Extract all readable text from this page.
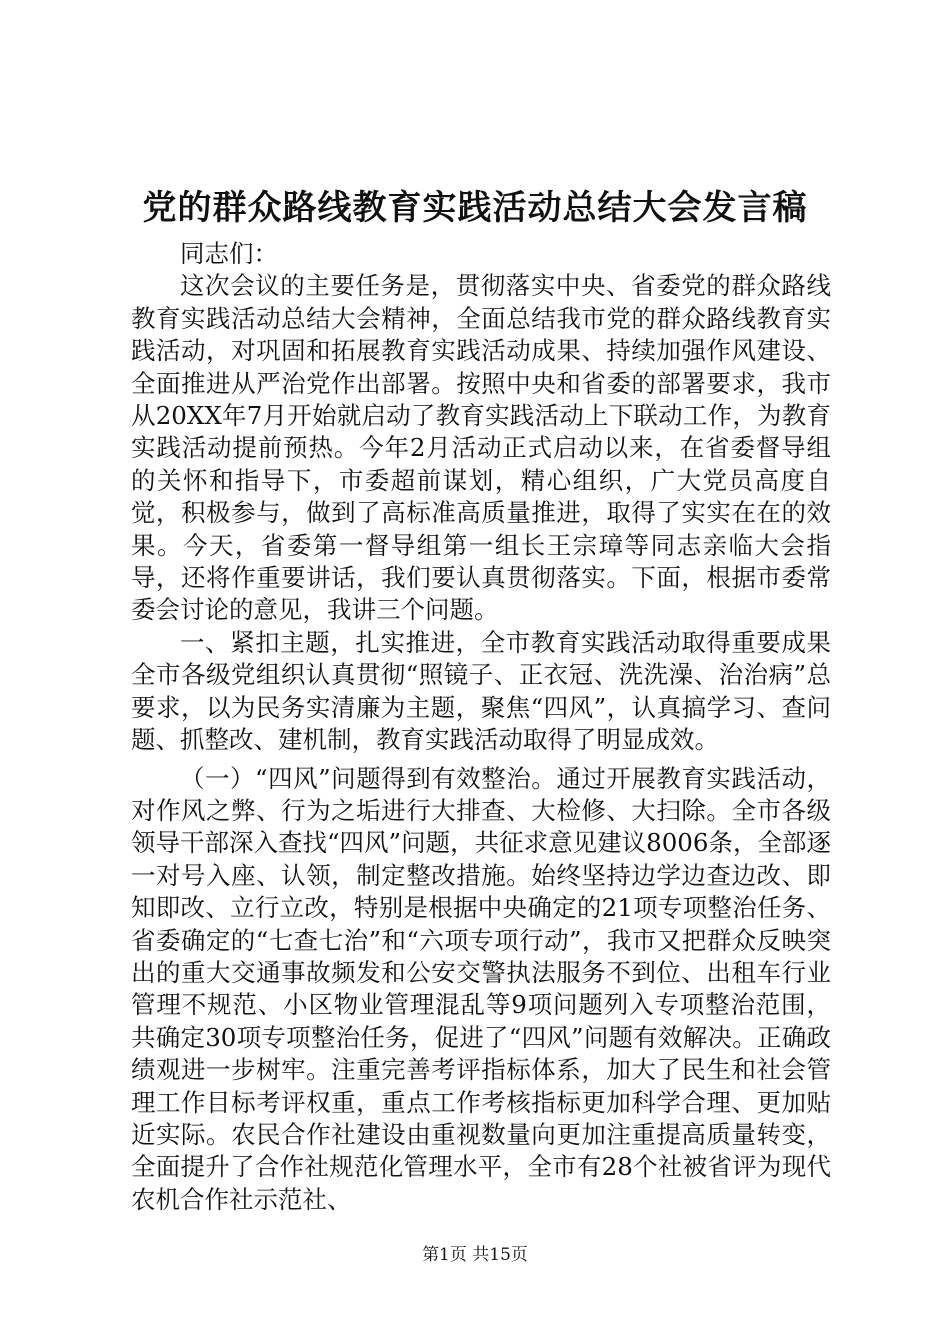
党的群众路线教育实践活动总结大会发言稿

同志们：

这次会议的主要任务是，贯彻落实中央、省委党的群众路线教育实践活动总结大会精神，全面总结我市党的群众路线教育实践活动，对巩固和拓展教育实践活动成果、持续加强作风建设、全面推进从严治党作出部署。按照中央和省委的部署要求，我市从20XX年7月开始就启动了教育实践活动上下联动工作，为教育实践活动提前预热。今年2月活动正式启动以来，在省委督导组的关怀和指导下，市委超前谋划，精心组织，广大党员高度自觉，积极参与，做到了高标准高质量推进，取得了实实在在的效果。今天，省委第一督导组第一组长王宗璋等同志亲临大会指导，还将作重要讲话，我们要认真贯彻落实。下面，根据市委常委会讨论的意见，我讲三个问题。

一、紧扣主题，扎实推进，全市教育实践活动取得重要成果全市各级党组织认真贯彻“照镜子、正衣冠、洗洗澡、治治病”总要求，以为民务实清廉为主题，聚焦“四风”，认真搞学习、查问题、抓整改、建机制，教育实践活动取得了明显成效。

（一）“四风”问题得到有效整治。通过开展教育实践活动，对作风之弊、行为之垢进行大排查、大检修、大扫除。全市各级领导干部深入查找“四风”问题，共征求意见建议8006条，全部逐一对号入座、认领，制定整改措施。始终坚持边学边查边改、即知即改、立行立改，特别是根据中央确定的21项专项整治任务、省委确定的“七查七治”和“六项专项行动”，我市又把群众反映突出的重大交通事故频发和公安交警执法服务不到位、出租车行业管理不规范、小区物业管理混乱等9项问题列入专项整治范围，共确定30项专项整治任务，促进了“四风”问题有效解决。正确政绩观进一步树牢。注重完善考评指标体系，加大了民生和社会管理工作目标考评权重，重点工作考核指标更加科学合理、更加贴近实际。农民合作社建设由重视数量向更加注重提高质量转变，全面提升了合作社规范化管理水平，全市有28个社被省评为现代农机合作社示范社、

第1页 共15页
